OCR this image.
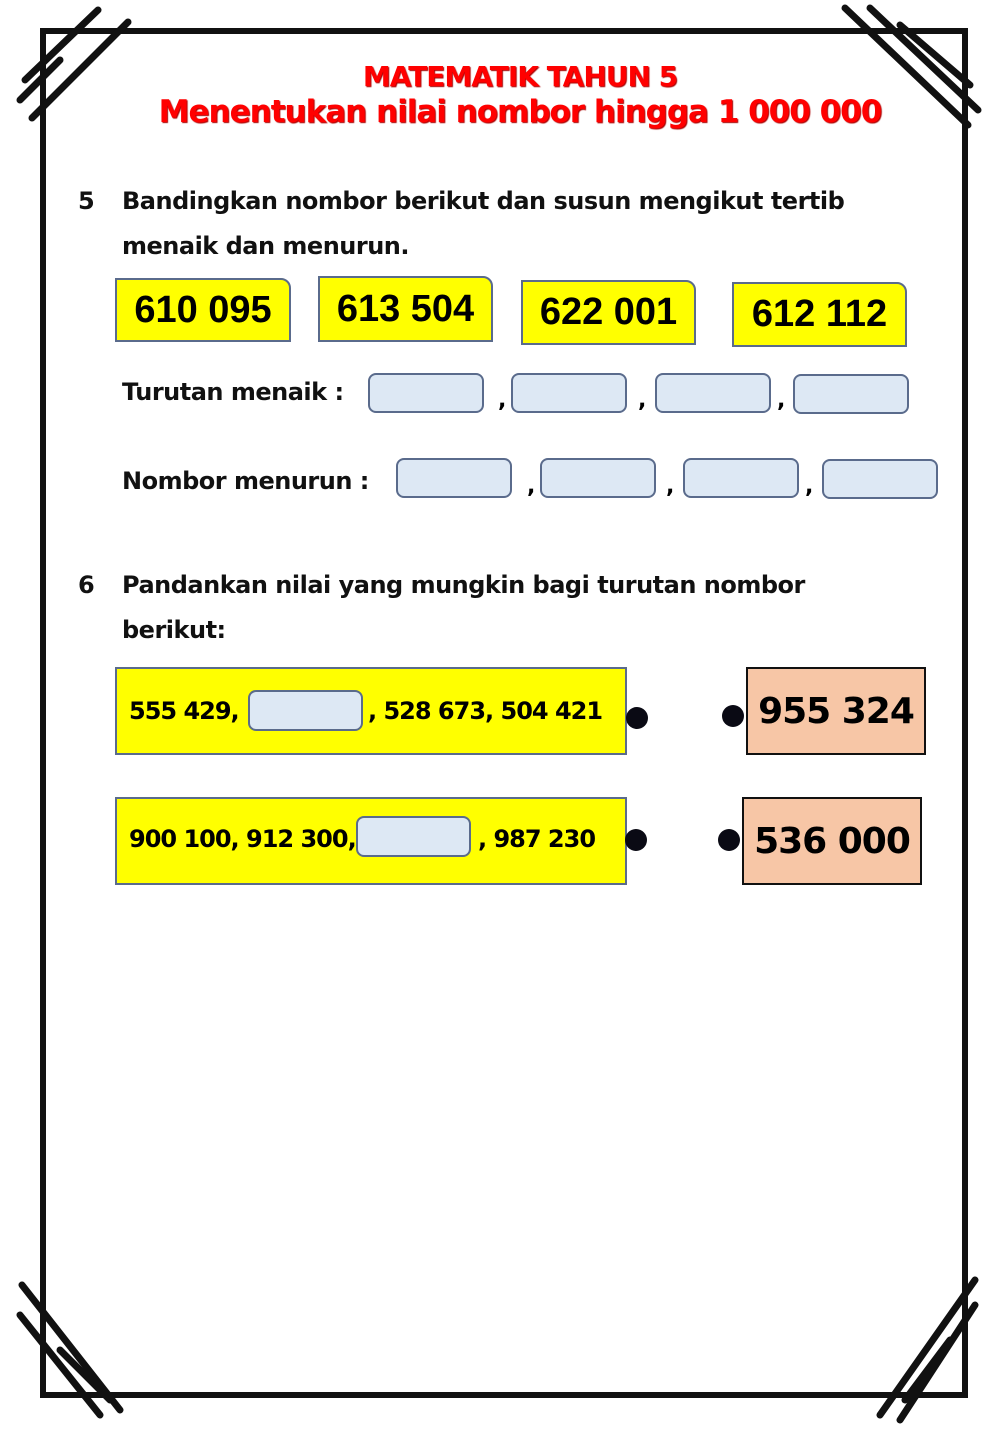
MATEMATIK TAHUN 5
Menentukan nilai nombor hingga 1 000 000
5 Bandingkan nombor berikut dan susun mengikut tertib
menaik dan menurun.
610 095	613 504	622 001	612 112
Turutan menaik :	,	,	,
Nombor menurun :	,	,	,
6 Pandankan nilai yang mungkin bagi turutan nombor
berikut:
555 429,	, 528 673, 504 421
900 100, 912 300,	, 987 230
955 324
536 000
